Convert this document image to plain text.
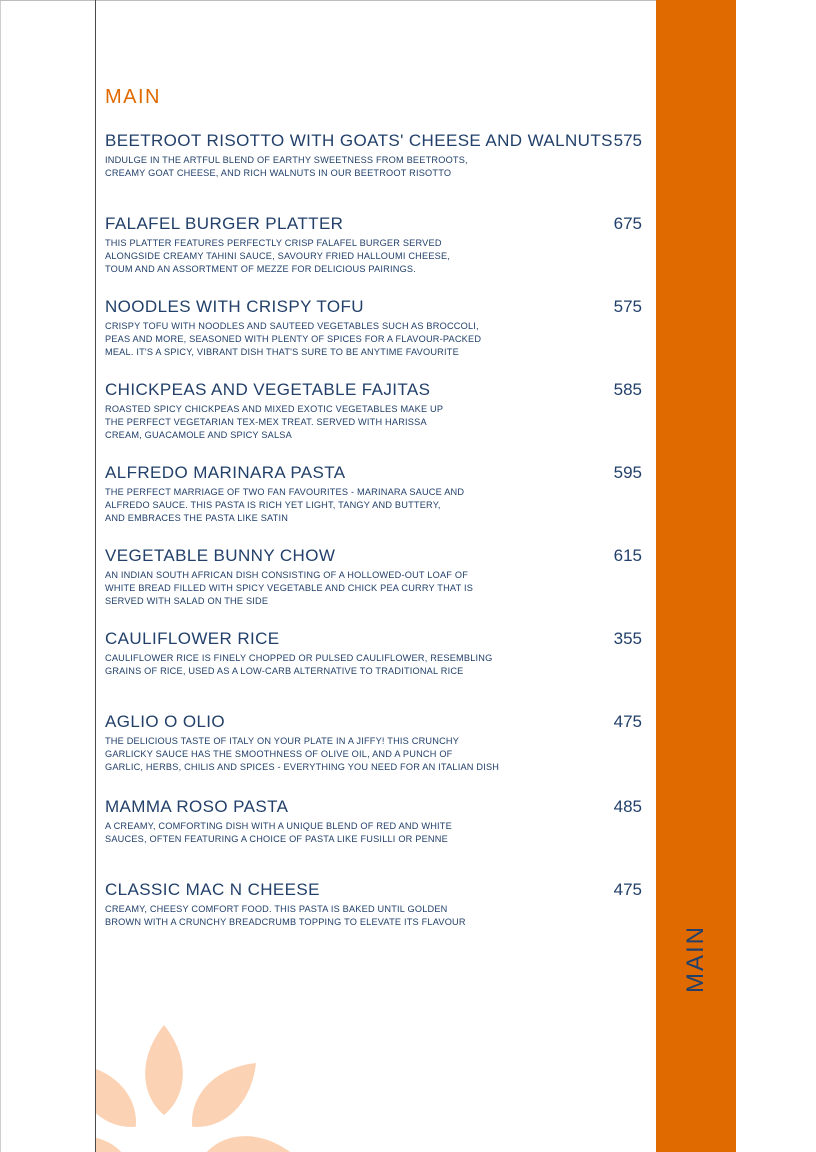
MAIN
MAIN
BEETROOT RISOTTO WITH GOATS' CHEESE AND WALNUTS 575
INDULGE IN THE ARTFUL BLEND OF EARTHY SWEETNESS FROM BEETROOTS,
CREAMY GOAT CHEESE, AND RICH WALNUTS IN OUR BEETROOT RISOTTO
FALAFEL BURGER PLATTER	675
THIS PLATTER FEATURES PERFECTLY CRISP FALAFEL BURGER SERVED
ALONGSIDE CREAMY TAHINI SAUCE, SAVOURY FRIED HALLOUMI CHEESE,
TOUM AND AN ASSORTMENT OF MEZZE FOR DELICIOUS PAIRINGS.
NOODLES WITH CRISPY TOFU	575
CRISPY TOFU WITH NOODLES AND SAUTEED VEGETABLES SUCH AS BROCCOLI,
PEAS AND MORE, SEASONED WITH PLENTY OF SPICES FOR A FLAVOUR-PACKED
MEAL. IT'S A SPICY, VIBRANT DISH THAT'S SURE TO BE ANYTIME FAVOURITE
CHICKPEAS AND VEGETABLE FAJITAS	585
ROASTED SPICY CHICKPEAS AND MIXED EXOTIC VEGETABLES MAKE UP
THE PERFECT VEGETARIAN TEX-MEX TREAT. SERVED WITH HARISSA
CREAM, GUACAMOLE AND SPICY SALSA
ALFREDO MARINARA PASTA	595
THE PERFECT MARRIAGE OF TWO FAN FAVOURITES - MARINARA SAUCE AND
ALFREDO SAUCE. THIS PASTA IS RICH YET LIGHT, TANGY AND BUTTERY,
AND EMBRACES THE PASTA LIKE SATIN
VEGETABLE BUNNY CHOW	615
AN INDIAN SOUTH AFRICAN DISH CONSISTING OF A HOLLOWED-OUT LOAF OF
WHITE BREAD FILLED WITH SPICY VEGETABLE AND CHICK PEA CURRY THAT IS
SERVED WITH SALAD ON THE SIDE
CAULIFLOWER RICE	355
CAULIFLOWER RICE IS FINELY CHOPPED OR PULSED CAULIFLOWER, RESEMBLING
GRAINS OF RICE, USED AS A LOW-CARB ALTERNATIVE TO TRADITIONAL RICE
AGLIO O OLIO	475
THE DELICIOUS TASTE OF ITALY ON YOUR PLATE IN A JIFFY! THIS CRUNCHY
GARLICKY SAUCE HAS THE SMOOTHNESS OF OLIVE OIL, AND A PUNCH OF
GARLIC, HERBS, CHILIS AND SPICES - EVERYTHING YOU NEED FOR AN ITALIAN DISH
MAMMA ROSO PASTA	485
A CREAMY, COMFORTING DISH WITH A UNIQUE BLEND OF RED AND WHITE
SAUCES, OFTEN FEATURING A CHOICE OF PASTA LIKE FUSILLI OR PENNE
CLASSIC MAC N CHEESE	475
CREAMY, CHEESY COMFORT FOOD. THIS PASTA IS BAKED UNTIL GOLDEN
BROWN WITH A CRUNCHY BREADCRUMB TOPPING TO ELEVATE ITS FLAVOUR
